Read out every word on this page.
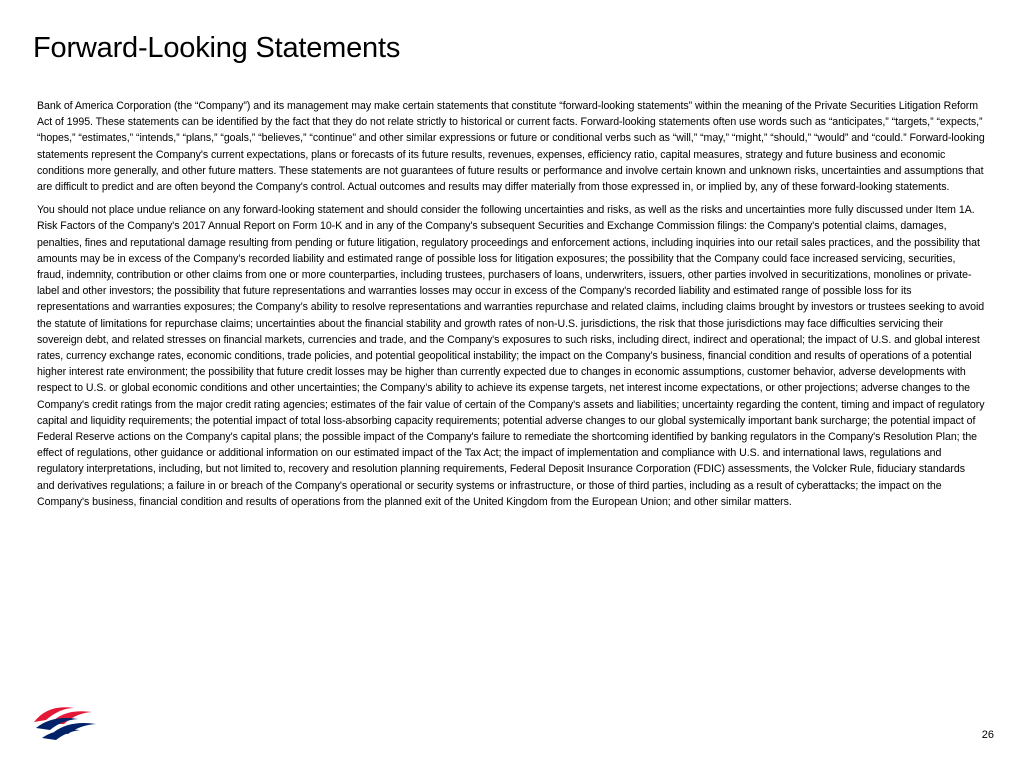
Forward-Looking Statements

Bank of America Corporation (the “Company”) and its management may make certain statements that constitute “forward-looking statements” within the meaning of the Private Securities Litigation Reform Act of 1995. These statements can be identified by the fact that they do not relate strictly to historical or current facts. Forward-looking statements often use words such as “anticipates,” “targets,” “expects,” “hopes,” “estimates,” “intends,” “plans,” “goals,” “believes,” “continue” and other similar expressions or future or conditional verbs such as “will,” “may,” “might,” “should,” “would” and “could.” Forward-looking statements represent the Company's current expectations, plans or forecasts of its future results, revenues, expenses, efficiency ratio, capital measures, strategy and future business and economic conditions more generally, and other future matters. These statements are not guarantees of future results or performance and involve certain known and unknown risks, uncertainties and assumptions that are difficult to predict and are often beyond the Company's control. Actual outcomes and results may differ materially from those expressed in, or implied by, any of these forward-looking statements.

You should not place undue reliance on any forward-looking statement and should consider the following uncertainties and risks, as well as the risks and uncertainties more fully discussed under Item 1A. Risk Factors of the Company's 2017 Annual Report on Form 10-K and in any of the Company's subsequent Securities and Exchange Commission filings: the Company's potential claims, damages, penalties, fines and reputational damage resulting from pending or future litigation, regulatory proceedings and enforcement actions, including inquiries into our retail sales practices, and the possibility that amounts may be in excess of the Company’s recorded liability and estimated range of possible loss for litigation exposures; the possibility that the Company could face increased servicing, securities, fraud, indemnity, contribution or other claims from one or more counterparties, including trustees, purchasers of loans, underwriters, issuers, other parties involved in securitizations, monolines or private-label and other investors; the possibility that future representations and warranties losses may occur in excess of the Company's recorded liability and estimated range of possible loss for its representations and warranties exposures; the Company’s ability to resolve representations and warranties repurchase and related claims, including claims brought by investors or trustees seeking to avoid the statute of limitations for repurchase claims; uncertainties about the financial stability and growth rates of non-U.S. jurisdictions, the risk that those jurisdictions may face difficulties servicing their sovereign debt, and related stresses on financial markets, currencies and trade, and the Company's exposures to such risks, including direct, indirect and operational; the impact of U.S. and global interest rates, currency exchange rates, economic conditions, trade policies, and potential geopolitical instability; the impact on the Company’s business, financial condition and results of operations of a potential higher interest rate environment; the possibility that future credit losses may be higher than currently expected due to changes in economic assumptions, customer behavior, adverse developments with respect to U.S. or global economic conditions and other uncertainties; the Company’s ability to achieve its expense targets, net interest income expectations, or other projections; adverse changes to the Company's credit ratings from the major credit rating agencies; estimates of the fair value of certain of the Company's assets and liabilities; uncertainty regarding the content, timing and impact of regulatory capital and liquidity requirements; the potential impact of total loss-absorbing capacity requirements; potential adverse changes to our global systemically important bank surcharge; the potential impact of Federal Reserve actions on the Company's capital plans; the possible impact of the Company's failure to remediate the shortcoming identified by banking regulators in the Company's Resolution Plan; the effect of regulations, other guidance or additional information on our estimated impact of the Tax Act; the impact of implementation and compliance with U.S. and international laws, regulations and regulatory interpretations, including, but not limited to, recovery and resolution planning requirements, Federal Deposit Insurance Corporation (FDIC) assessments, the Volcker Rule, fiduciary standards and derivatives regulations; a failure in or breach of the Company's operational or security systems or infrastructure, or those of third parties, including as a result of cyberattacks; the impact on the Company's business, financial condition and results of operations from the planned exit of the United Kingdom from the European Union; and other similar matters.

26
